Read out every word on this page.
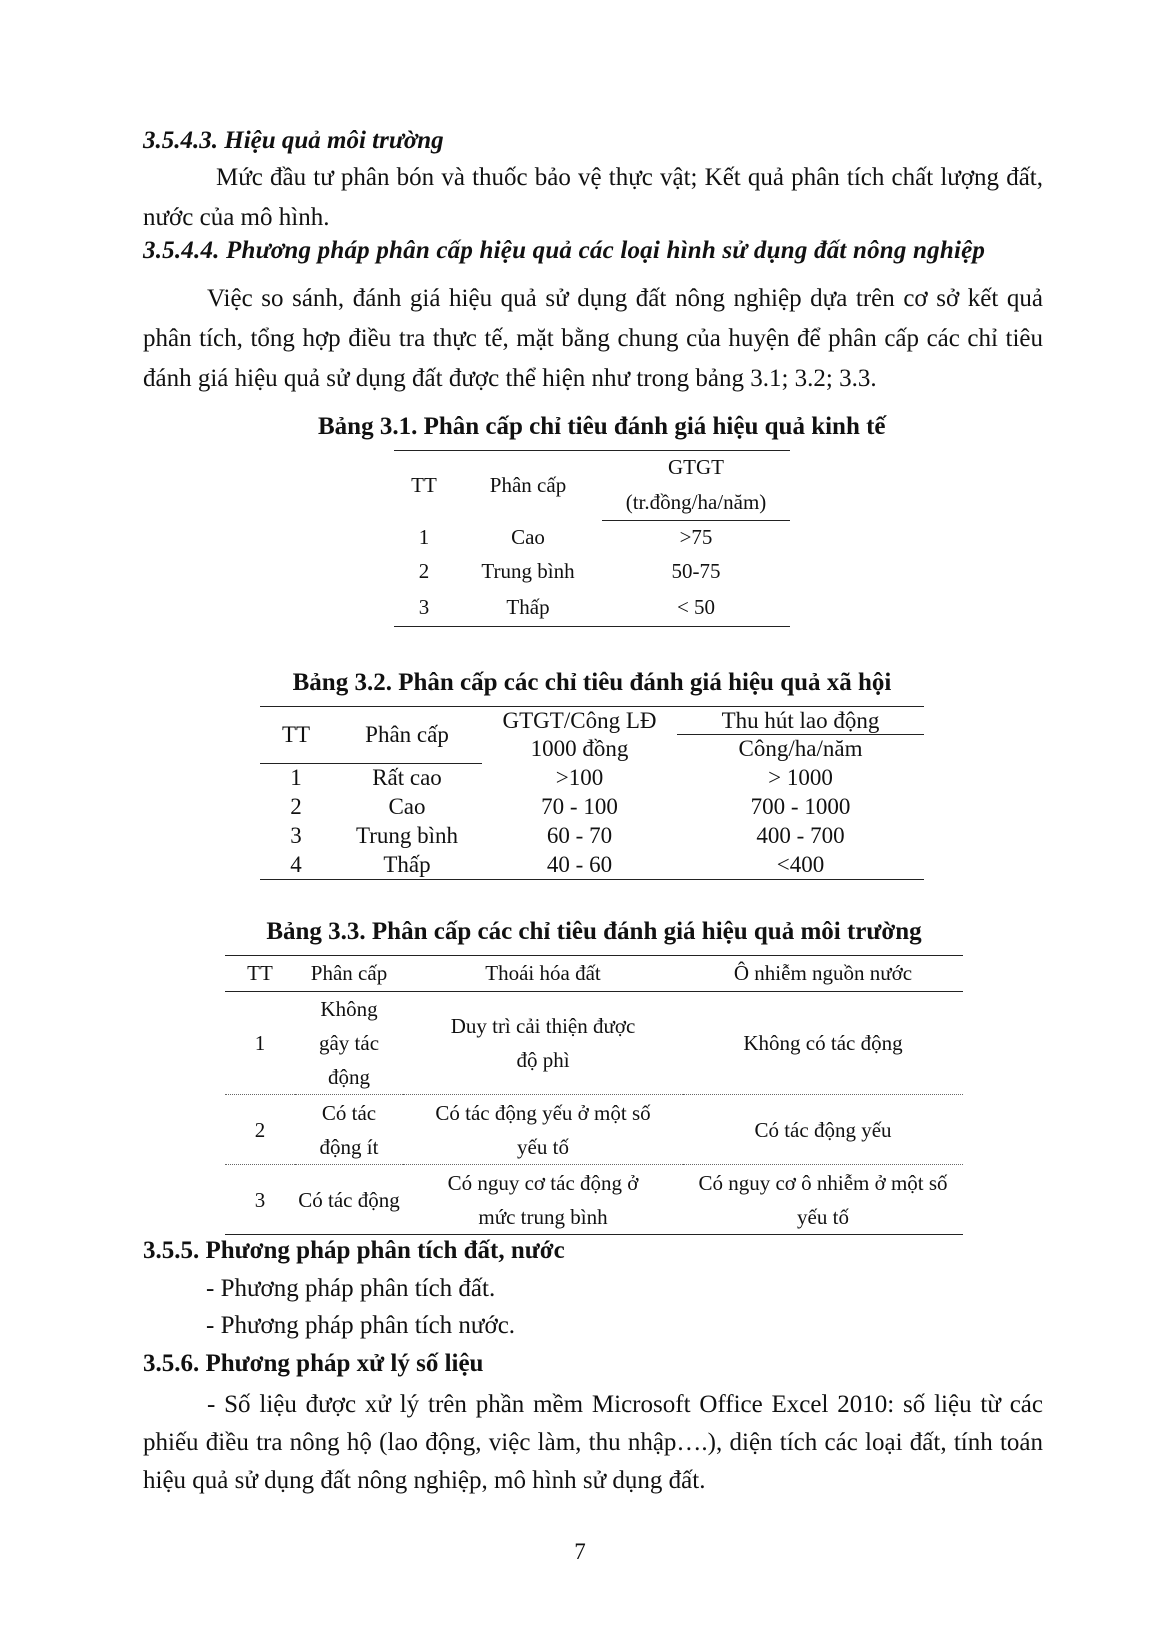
3.5.4.3. Hiệu quả môi trường
Mức đầu tư phân bón và thuốc bảo vệ thực vật; Kết quả phân tích chất lượng đất, nước của mô hình.
3.5.4.4. Phương pháp phân cấp hiệu quả các loại hình sử dụng đất nông nghiệp
Việc so sánh, đánh giá hiệu quả sử dụng đất nông nghiệp dựa trên cơ sở kết quả phân tích, tổng hợp điều tra thực tế, mặt bằng chung của huyện để phân cấp các chỉ tiêu đánh giá hiệu quả sử dụng đất được thể hiện như trong bảng 3.1; 3.2; 3.3.
Bảng 3.1. Phân cấp chỉ tiêu đánh giá hiệu quả kinh tế
TT	Phân cấp	GTGT
		(tr.đồng/ha/năm)
1	Cao	>75
2	Trung bình	50-75
3	Thấp	< 50
Bảng 3.2. Phân cấp các chỉ tiêu đánh giá hiệu quả xã hội
TT	Phân cấp	GTGT/Công LĐ	Thu hút lao động
		1000 đồng	Công/ha/năm
1	Rất cao	>100	> 1000
2	Cao	70 - 100	700 - 1000
3	Trung bình	60 - 70	400 - 700
4	Thấp	40 - 60	<400
Bảng 3.3. Phân cấp các chỉ tiêu đánh giá hiệu quả môi trường
TT	Phân cấp	Thoái hóa đất	Ô nhiễm nguồn nước
1	Không gây tác động	Duy trì cải thiện được độ phì	Không có tác động
2	Có tác động ít	Có tác động yếu ở một số yếu tố	Có tác động yếu
3	Có tác động	Có nguy cơ tác động ở mức trung bình	Có nguy cơ ô nhiễm ở một số yếu tố
3.5.5. Phương pháp phân tích đất, nước
- Phương pháp phân tích đất.
- Phương pháp phân tích nước.
3.5.6. Phương pháp xử lý số liệu
- Số liệu được xử lý trên phần mềm Microsoft Office Excel 2010: số liệu từ các phiếu điều tra nông hộ (lao động, việc làm, thu nhập….), diện tích các loại đất, tính toán hiệu quả sử dụng đất nông nghiệp, mô hình sử dụng đất.
7
